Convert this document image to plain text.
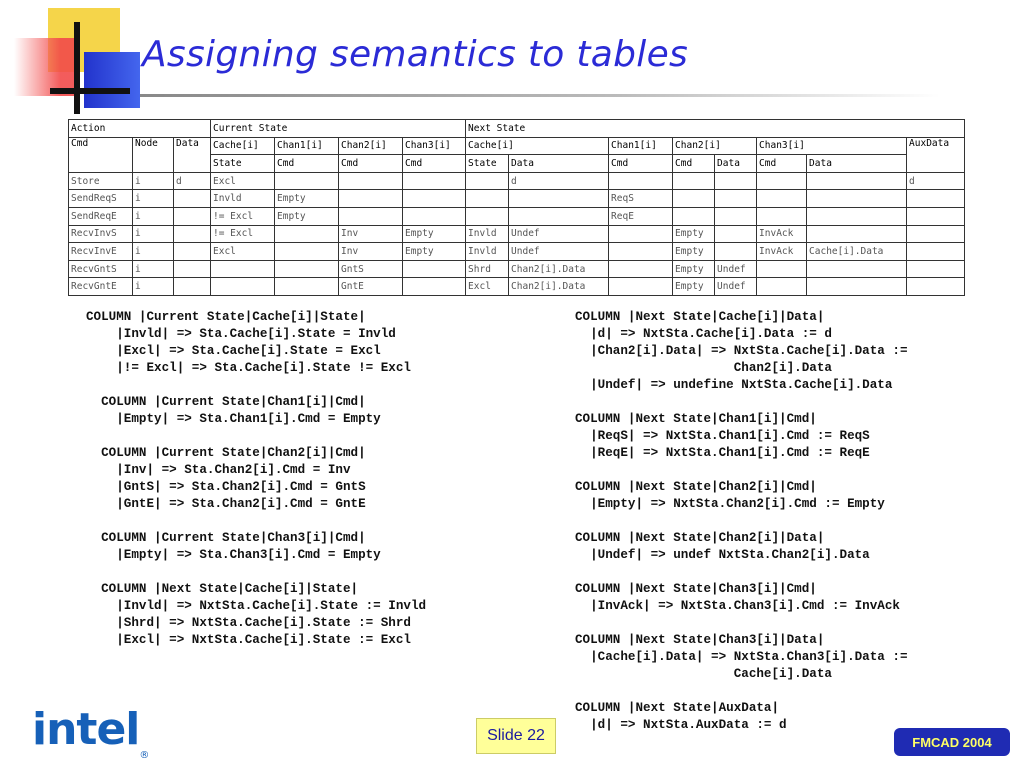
Assigning semantics to tables
Action			Current State				Next State							
Cmd	Node	Data	Cache[i]	Chan1[i]	Chan2[i]	Chan3[i]	Cache[i]		Chan1[i]	Chan2[i]		Chan3[i]		AuxData
			State	Cmd	Cmd	Cmd	State	Data	Cmd	Cmd	Data	Cmd	Data	
Store	i	d	Excl					d						d
SendReqS	i		Invld	Empty					ReqS					
SendReqE	i		!= Excl	Empty					ReqE					
RecvInvS	i		!= Excl		Inv	Empty	Invld	Undef		Empty		InvAck		
RecvInvE	i		Excl		Inv	Empty	Invld	Undef		Empty		InvAck	Cache[i].Data	
RecvGntS	i				GntS		Shrd	Chan2[i].Data		Empty	Undef			
RecvGntE	i				GntE		Excl	Chan2[i].Data		Empty	Undef			
COLUMN |Current State|Cache[i]|State|
|Invld| => Sta.Cache[i].State = Invld
|Excl| => Sta.Cache[i].State = Excl
|!= Excl| => Sta.Cache[i].State != Excl
COLUMN |Current State|Chan1[i]|Cmd|
|Empty| => Sta.Chan1[i].Cmd = Empty
COLUMN |Current State|Chan2[i]|Cmd|
|Inv| => Sta.Chan2[i].Cmd = Inv
|GntS| => Sta.Chan2[i].Cmd = GntS
|GntE| => Sta.Chan2[i].Cmd = GntE
COLUMN |Current State|Chan3[i]|Cmd|
|Empty| => Sta.Chan3[i].Cmd = Empty
COLUMN |Next State|Cache[i]|State|
|Invld| => NxtSta.Cache[i].State := Invld
|Shrd| => NxtSta.Cache[i].State := Shrd
|Excl| => NxtSta.Cache[i].State := Excl
COLUMN |Next State|Cache[i]|Data|
|d| => NxtSta.Cache[i].Data := d
|Chan2[i].Data| => NxtSta.Cache[i].Data :=
Chan2[i].Data
|Undef| => undefine NxtSta.Cache[i].Data
COLUMN |Next State|Chan1[i]|Cmd|
|ReqS| => NxtSta.Chan1[i].Cmd := ReqS
|ReqE| => NxtSta.Chan1[i].Cmd := ReqE
COLUMN |Next State|Chan2[i]|Cmd|
|Empty| => NxtSta.Chan2[i].Cmd := Empty
COLUMN |Next State|Chan2[i]|Data|
|Undef| => undef NxtSta.Chan2[i].Data
COLUMN |Next State|Chan3[i]|Cmd|
|InvAck| => NxtSta.Chan3[i].Cmd := InvAck
COLUMN |Next State|Chan3[i]|Data|
|Cache[i].Data| => NxtSta.Chan3[i].Data :=
Cache[i].Data
COLUMN |Next State|AuxData|
|d| => NxtSta.AuxData := d
intel®
Slide 22	FMCAD 2004
